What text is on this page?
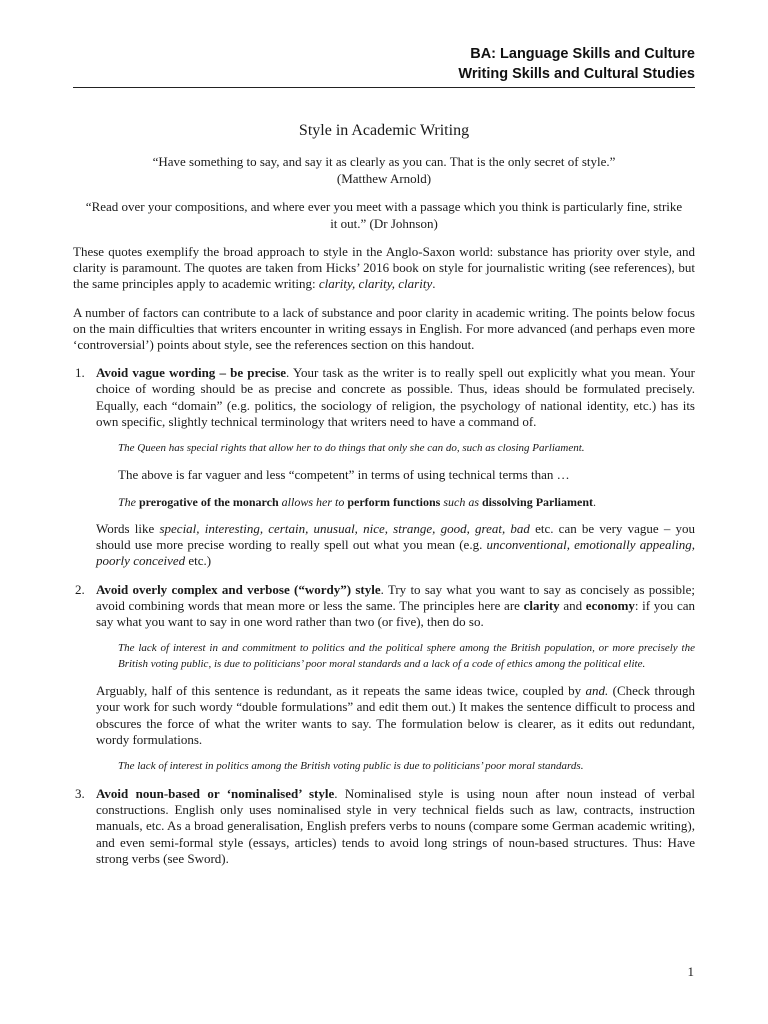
BA: Language Skills and Culture
Writing Skills and Cultural Studies
Style in Academic Writing
“Have something to say, and say it as clearly as you can. That is the only secret of style.”
(Matthew Arnold)
“Read over your compositions, and where ever you meet with a passage which you think is particularly fine, strike it out.” (Dr Johnson)

These quotes exemplify the broad approach to style in the Anglo-Saxon world: substance has priority over style, and clarity is paramount. The quotes are taken from Hicks’ 2016 book on style for journalistic writing (see references), but the same principles apply to academic writing: clarity, clarity, clarity.

A number of factors can contribute to a lack of substance and poor clarity in academic writing. The points below focus on the main difficulties that writers encounter in writing essays in English. For more advanced (and perhaps even more ‘controversial’) points about style, see the references section on this handout.

1. Avoid vague wording – be precise. Your task as the writer is to really spell out explicitly what you mean. Your choice of wording should be as precise and concrete as possible. Thus, ideas should be formulated precisely. Equally, each “domain” (e.g. politics, the sociology of religion, the psychology of national identity, etc.) has its own specific, slightly technical terminology that writers need to have a command of.

The Queen has special rights that allow her to do things that only she can do, such as closing Parliament.

The above is far vaguer and less “competent” in terms of using technical terms than …

The prerogative of the monarch allows her to perform functions such as dissolving Parliament.

Words like special, interesting, certain, unusual, nice, strange, good, great, bad etc. can be very vague – you should use more precise wording to really spell out what you mean (e.g. unconventional, emotionally appealing, poorly conceived etc.)

2. Avoid overly complex and verbose (“wordy”) style. Try to say what you want to say as concisely as possible; avoid combining words that mean more or less the same. The principles here are clarity and economy: if you can say what you want to say in one word rather than two (or five), then do so.

The lack of interest in and commitment to politics and the political sphere among the British population, or more precisely the British voting public, is due to politicians’ poor moral standards and a lack of a code of ethics among the political elite.

Arguably, half of this sentence is redundant, as it repeats the same ideas twice, coupled by and. (Check through your work for such wordy “double formulations” and edit them out.) It makes the sentence difficult to process and obscures the force of what the writer wants to say. The formulation below is clearer, as it edits out redundant, wordy formulations.

The lack of interest in politics among the British voting public is due to politicians’ poor moral standards.

3. Avoid noun-based or ‘nominalised’ style. Nominalised style is using noun after noun instead of verbal constructions. English only uses nominalised style in very technical fields such as law, contracts, instruction manuals, etc. As a broad generalisation, English prefers verbs to nouns (compare some German academic writing), and even semi-formal style (essays, articles) tends to avoid long strings of noun-based structures. Thus: Have strong verbs (see Sword).

1
